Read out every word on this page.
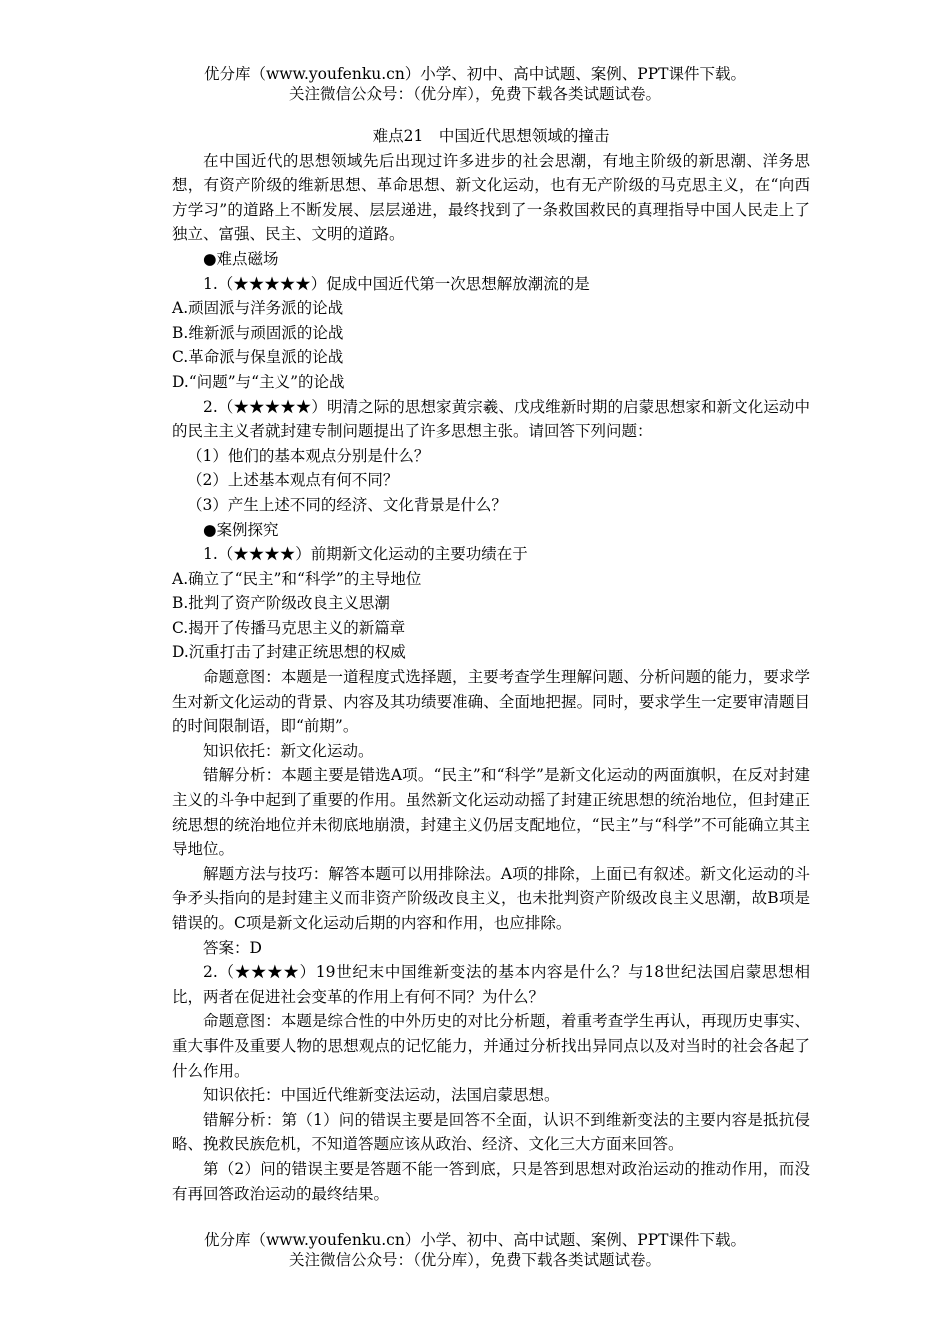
优分库（www.youfenku.cn）小学、初中、高中试题、案例、PPT课件下载。
关注微信公众号：（优分库），免费下载各类试题试卷。

难点21　中国近代思想领域的撞击

在中国近代的思想领域先后出现过许多进步的社会思潮，有地主阶级的新思潮、洋务思想，有资产阶级的维新思想、革命思想、新文化运动，也有无产阶级的马克思主义，在“向西方学习”的道路上不断发展、层层递进，最终找到了一条救国救民的真理指导中国人民走上了独立、富强、民主、文明的道路。

●难点磁场

1.（★★★★★）促成中国近代第一次思想解放潮流的是

A.顽固派与洋务派的论战

B.维新派与顽固派的论战

C.革命派与保皇派的论战

D.“问题”与“主义”的论战

2.（★★★★★）明清之际的思想家黄宗羲、戊戌维新时期的启蒙思想家和新文化运动中的民主主义者就封建专制问题提出了许多思想主张。请回答下列问题：

（1）他们的基本观点分别是什么？

（2）上述基本观点有何不同？

（3）产生上述不同的经济、文化背景是什么？

●案例探究

1.（★★★★）前期新文化运动的主要功绩在于

A.确立了“民主”和“科学”的主导地位

B.批判了资产阶级改良主义思潮

C.揭开了传播马克思主义的新篇章

D.沉重打击了封建正统思想的权威

命题意图：本题是一道程度式选择题，主要考查学生理解问题、分析问题的能力，要求学生对新文化运动的背景、内容及其功绩要准确、全面地把握。同时，要求学生一定要审清题目的时间限制语，即“前期”。

知识依托：新文化运动。

错解分析：本题主要是错选A项。“民主”和“科学”是新文化运动的两面旗帜，在反对封建主义的斗争中起到了重要的作用。虽然新文化运动动摇了封建正统思想的统治地位，但封建正统思想的统治地位并未彻底地崩溃，封建主义仍居支配地位，“民主”与“科学”不可能确立其主导地位。

解题方法与技巧：解答本题可以用排除法。A项的排除，上面已有叙述。新文化运动的斗争矛头指向的是封建主义而非资产阶级改良主义，也未批判资产阶级改良主义思潮，故B项是错误的。C项是新文化运动后期的内容和作用，也应排除。

答案：D

2.（★★★★）19世纪末中国维新变法的基本内容是什么？与18世纪法国启蒙思想相比，两者在促进社会变革的作用上有何不同？为什么？

命题意图：本题是综合性的中外历史的对比分析题，着重考查学生再认，再现历史事实、重大事件及重要人物的思想观点的记忆能力，并通过分析找出异同点以及对当时的社会各起了什么作用。

知识依托：中国近代维新变法运动，法国启蒙思想。

错解分析：第（1）问的错误主要是回答不全面，认识不到维新变法的主要内容是抵抗侵略、挽救民族危机，不知道答题应该从政治、经济、文化三大方面来回答。

第（2）问的错误主要是答题不能一答到底，只是答到思想对政治运动的推动作用，而没有再回答政治运动的最终结果。

优分库（www.youfenku.cn）小学、初中、高中试题、案例、PPT课件下载。
关注微信公众号：（优分库），免费下载各类试题试卷。
